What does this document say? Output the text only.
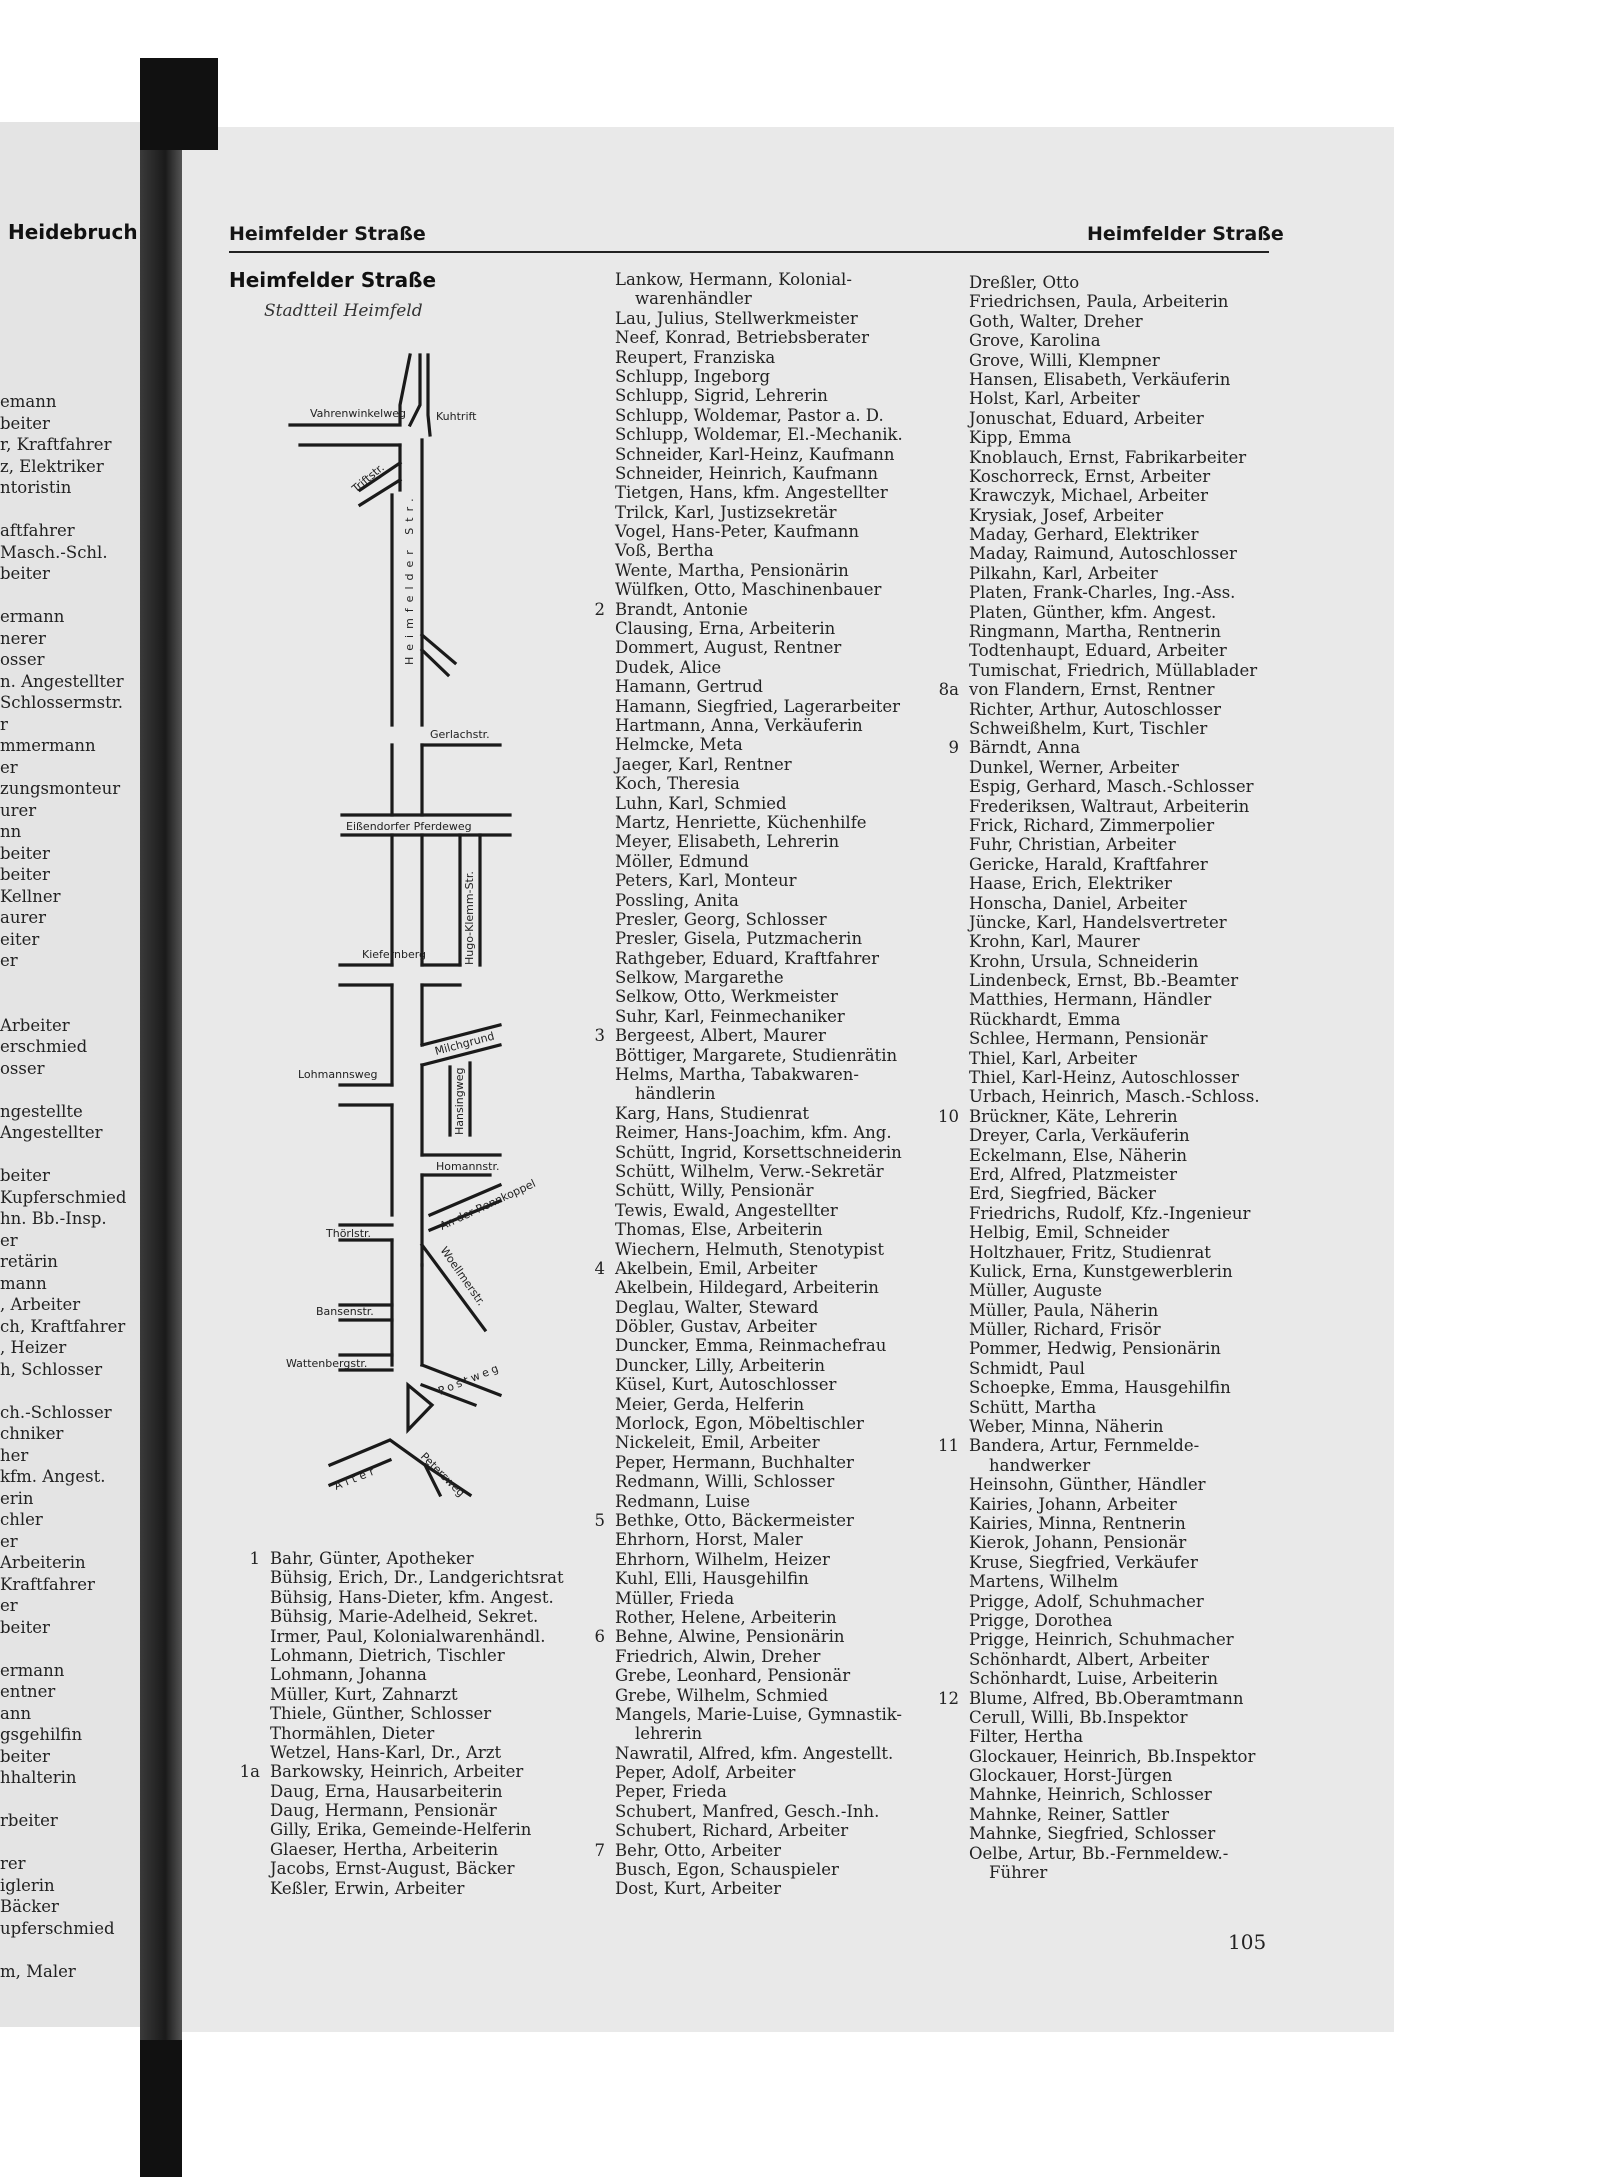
Heidebruch
emann
beiter
r, Kraftfahrer
z, Elektriker
ntoristin
aftfahrer
Masch.-Schl.
beiter
ermann
nerer
osser
n. Angestellter
Schlossermstr.
r
mmermann
er
zungsmonteur
urer
nn
beiter
beiter
Kellner
aurer
eiter
er
Arbeiter
erschmied
osser
ngestellte
Angestellter
beiter
Kupferschmied
hn. Bb.-Insp.
er
retärin
mann
, Arbeiter
ch, Kraftfahrer
, Heizer
h, Schlosser
ch.-Schlosser
chniker
her
kfm. Angest.
erin
chler
er
Arbeiterin
Kraftfahrer
er
beiter
ermann
entner
ann
gsgehilfin
beiter
hhalterin
rbeiter
rer
iglerin
Bäcker
upferschmied
m, Maler
Heimfelder Straße	Heimfelder Straße
Heimfelder Straße
Stadtteil Heimfeld
Vahrenwinkelweg	Kuhtrift
Triftstr.
Heimfelder Str.
Gerlachstr.
Eißendorfer Pferdeweg
Kiefernberg	Hugo-Klemm-Str.
Lohmannsweg
Milchgrund
Hansingweg
Homannstr.
An der Rennkoppel
Thörlstr.
Woellmerstr.
Bansenstr.
Wattenbergstr.	Postweg
Alter	Petersweg
1 Bahr, Günter, Apotheker
Bühsig, Erich, Dr., Landgerichtsrat
Bühsig, Hans-Dieter, kfm. Angest.
Bühsig, Marie-Adelheid, Sekret.
Irmer, Paul, Kolonialwarenhändl.
Lohmann, Dietrich, Tischler
Lohmann, Johanna
Müller, Kurt, Zahnarzt
Thiele, Günther, Schlosser
Thormählen, Dieter
Wetzel, Hans-Karl, Dr., Arzt
1a Barkowsky, Heinrich, Arbeiter
Daug, Erna, Hausarbeiterin
Daug, Hermann, Pensionär
Gilly, Erika, Gemeinde-Helferin
Glaeser, Hertha, Arbeiterin
Jacobs, Ernst-August, Bäcker
Keßler, Erwin, Arbeiter
Lankow, Hermann, Kolonial-
warenhändler
Lau, Julius, Stellwerkmeister
Neef, Konrad, Betriebsberater
Reupert, Franziska
Schlupp, Ingeborg
Schlupp, Sigrid, Lehrerin
Schlupp, Woldemar, Pastor a. D.
Schlupp, Woldemar, El.-Mechanik.
Schneider, Karl-Heinz, Kaufmann
Schneider, Heinrich, Kaufmann
Tietgen, Hans, kfm. Angestellter
Trilck, Karl, Justizsekretär
Vogel, Hans-Peter, Kaufmann
Voß, Bertha
Wente, Martha, Pensionärin
Wülfken, Otto, Maschinenbauer
2 Brandt, Antonie
Clausing, Erna, Arbeiterin
Dommert, August, Rentner
Dudek, Alice
Hamann, Gertrud
Hamann, Siegfried, Lagerarbeiter
Hartmann, Anna, Verkäuferin
Helmcke, Meta
Jaeger, Karl, Rentner
Koch, Theresia
Luhn, Karl, Schmied
Martz, Henriette, Küchenhilfe
Meyer, Elisabeth, Lehrerin
Möller, Edmund
Peters, Karl, Monteur
Possling, Anita
Presler, Georg, Schlosser
Presler, Gisela, Putzmacherin
Rathgeber, Eduard, Kraftfahrer
Selkow, Margarethe
Selkow, Otto, Werkmeister
Suhr, Karl, Feinmechaniker
3 Bergeest, Albert, Maurer
Böttiger, Margarete, Studienrätin
Helms, Martha, Tabakwaren-
händlerin
Karg, Hans, Studienrat
Reimer, Hans-Joachim, kfm. Ang.
Schütt, Ingrid, Korsettschneiderin
Schütt, Wilhelm, Verw.-Sekretär
Schütt, Willy, Pensionär
Tewis, Ewald, Angestellter
Thomas, Else, Arbeiterin
Wiechern, Helmuth, Stenotypist
4 Akelbein, Emil, Arbeiter
Akelbein, Hildegard, Arbeiterin
Deglau, Walter, Steward
Döbler, Gustav, Arbeiter
Duncker, Emma, Reinmachefrau
Duncker, Lilly, Arbeiterin
Küsel, Kurt, Autoschlosser
Meier, Gerda, Helferin
Morlock, Egon, Möbeltischler
Nickeleit, Emil, Arbeiter
Peper, Hermann, Buchhalter
Redmann, Willi, Schlosser
Redmann, Luise
5 Bethke, Otto, Bäckermeister
Ehrhorn, Horst, Maler
Ehrhorn, Wilhelm, Heizer
Kuhl, Elli, Hausgehilfin
Müller, Frieda
Rother, Helene, Arbeiterin
6 Behne, Alwine, Pensionärin
Friedrich, Alwin, Dreher
Grebe, Leonhard, Pensionär
Grebe, Wilhelm, Schmied
Mangels, Marie-Luise, Gymnastik-
lehrerin
Nawratil, Alfred, kfm. Angestellt.
Peper, Adolf, Arbeiter
Peper, Frieda
Schubert, Manfred, Gesch.-Inh.
Schubert, Richard, Arbeiter
7 Behr, Otto, Arbeiter
Busch, Egon, Schauspieler
Dost, Kurt, Arbeiter
Dreßler, Otto
Friedrichsen, Paula, Arbeiterin
Goth, Walter, Dreher
Grove, Karolina
Grove, Willi, Klempner
Hansen, Elisabeth, Verkäuferin
Holst, Karl, Arbeiter
Jonuschat, Eduard, Arbeiter
Kipp, Emma
Knoblauch, Ernst, Fabrikarbeiter
Koschorreck, Ernst, Arbeiter
Krawczyk, Michael, Arbeiter
Krysiak, Josef, Arbeiter
Maday, Gerhard, Elektriker
Maday, Raimund, Autoschlosser
Pilkahn, Karl, Arbeiter
Platen, Frank-Charles, Ing.-Ass.
Platen, Günther, kfm. Angest.
Ringmann, Martha, Rentnerin
Todtenhaupt, Eduard, Arbeiter
Tumischat, Friedrich, Müllablader
8a von Flandern, Ernst, Rentner
Richter, Arthur, Autoschlosser
Schweißhelm, Kurt, Tischler
9 Bärndt, Anna
Dunkel, Werner, Arbeiter
Espig, Gerhard, Masch.-Schlosser
Frederiksen, Waltraut, Arbeiterin
Frick, Richard, Zimmerpolier
Fuhr, Christian, Arbeiter
Gericke, Harald, Kraftfahrer
Haase, Erich, Elektriker
Honscha, Daniel, Arbeiter
Jüncke, Karl, Handelsvertreter
Krohn, Karl, Maurer
Krohn, Ursula, Schneiderin
Lindenbeck, Ernst, Bb.-Beamter
Matthies, Hermann, Händler
Rückhardt, Emma
Schlee, Hermann, Pensionär
Thiel, Karl, Arbeiter
Thiel, Karl-Heinz, Autoschlosser
Urbach, Heinrich, Masch.-Schloss.
10 Brückner, Käte, Lehrerin
Dreyer, Carla, Verkäuferin
Eckelmann, Else, Näherin
Erd, Alfred, Platzmeister
Erd, Siegfried, Bäcker
Friedrichs, Rudolf, Kfz.-Ingenieur
Helbig, Emil, Schneider
Holtzhauer, Fritz, Studienrat
Kulick, Erna, Kunstgewerblerin
Müller, Auguste
Müller, Paula, Näherin
Müller, Richard, Frisör
Pommer, Hedwig, Pensionärin
Schmidt, Paul
Schoepke, Emma, Hausgehilfin
Schütt, Martha
Weber, Minna, Näherin
11 Bandera, Artur, Fernmelde-
handwerker
Heinsohn, Günther, Händler
Kairies, Johann, Arbeiter
Kairies, Minna, Rentnerin
Kierok, Johann, Pensionär
Kruse, Siegfried, Verkäufer
Martens, Wilhelm
Prigge, Adolf, Schuhmacher
Prigge, Dorothea
Prigge, Heinrich, Schuhmacher
Schönhardt, Albert, Arbeiter
Schönhardt, Luise, Arbeiterin
12 Blume, Alfred, Bb.Oberamtmann
Cerull, Willi, Bb.Inspektor
Filter, Hertha
Glockauer, Heinrich, Bb.Inspektor
Glockauer, Horst-Jürgen
Mahnke, Heinrich, Schlosser
Mahnke, Reiner, Sattler
Mahnke, Siegfried, Schlosser
Oelbe, Artur, Bb.-Fernmeldew.-
Führer
105
